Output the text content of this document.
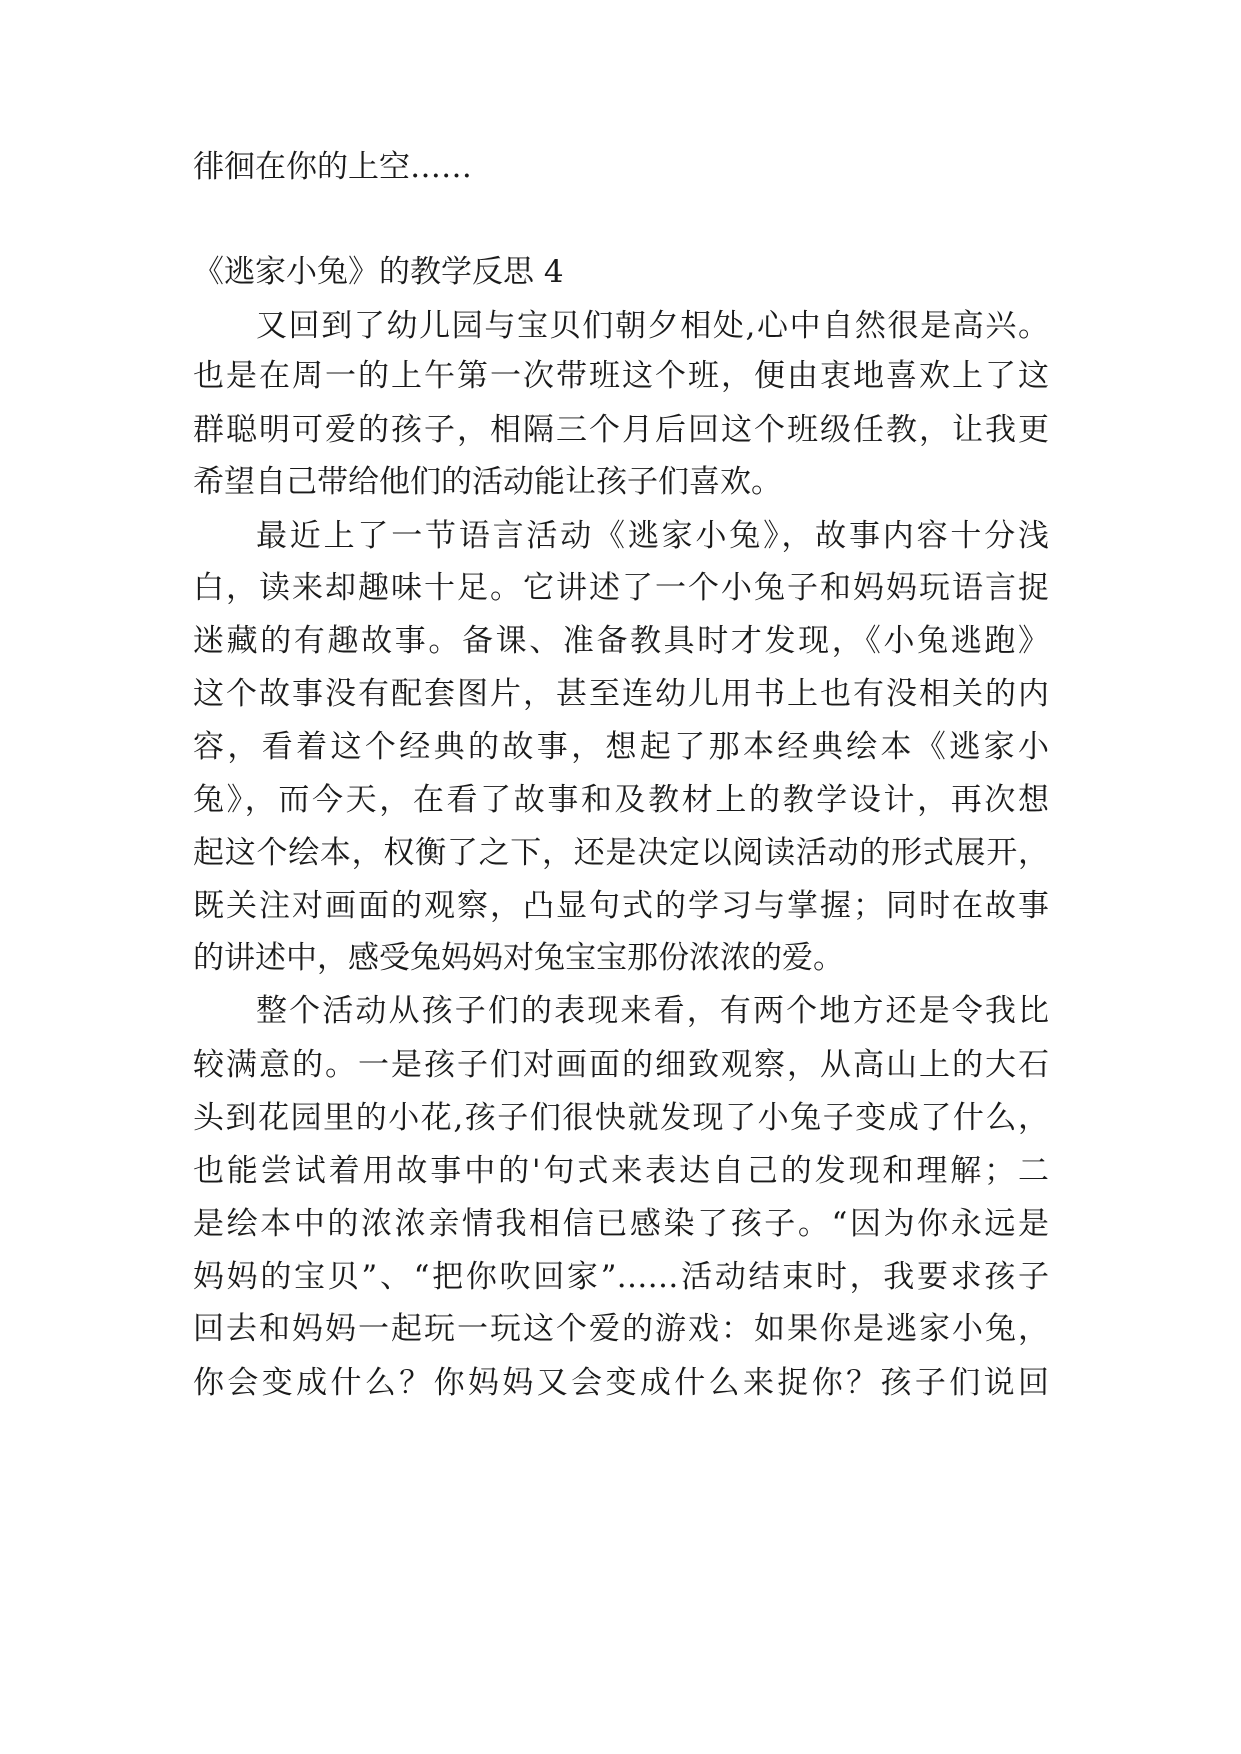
徘徊在你的上空……

《逃家小兔》的教学反思 4

又回到了幼儿园与宝贝们朝夕相处,心中自然很是高兴。

也是在周一的上午第一次带班这个班，便由衷地喜欢上了这

群聪明可爱的孩子，相隔三个月后回这个班级任教，让我更

希望自己带给他们的活动能让孩子们喜欢。

最近上了一节语言活动《逃家小兔》，故事内容十分浅

白，读来却趣味十足。它讲述了一个小兔子和妈妈玩语言捉

迷藏的有趣故事。备课、准备教具时才发现，《小兔逃跑》

这个故事没有配套图片，甚至连幼儿用书上也有没相关的内

容，看着这个经典的故事，想起了那本经典绘本《逃家小

兔》，而今天，在看了故事和及教材上的教学设计，再次想

起这个绘本，权衡了之下，还是决定以阅读活动的形式展开，

既关注对画面的观察，凸显句式的学习与掌握；同时在故事

的讲述中，感受兔妈妈对兔宝宝那份浓浓的爱。

整个活动从孩子们的表现来看，有两个地方还是令我比

较满意的。一是孩子们对画面的细致观察，从高山上的大石

头到花园里的小花,孩子们很快就发现了小兔子变成了什么，

也能尝试着用故事中的'句式来表达自己的发现和理解；二

是绘本中的浓浓亲情我相信已感染了孩子。“因为你永远是

妈妈的宝贝”、“把你吹回家”……活动结束时，我要求孩子

回去和妈妈一起玩一玩这个爱的游戏：如果你是逃家小兔，

你会变成什么？你妈妈又会变成什么来捉你？孩子们说回
